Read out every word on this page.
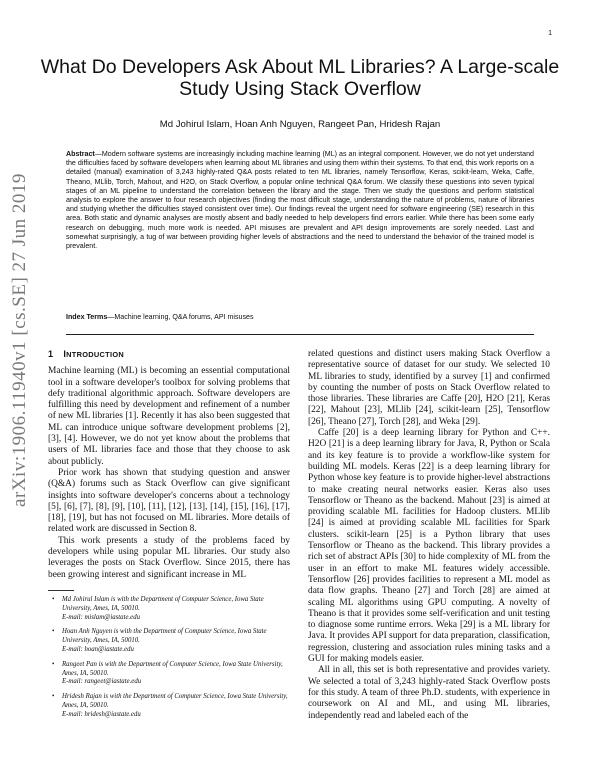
1
arXiv:1906.11940v1 [cs.SE] 27 Jun 2019
What Do Developers Ask About ML Libraries? A Large-scale Study Using Stack Overflow
Md Johirul Islam, Hoan Anh Nguyen, Rangeet Pan, Hridesh Rajan
Abstract—Modern software systems are increasingly including machine learning (ML) as an integral component. However, we do not yet understand the difficulties faced by software developers when learning about ML libraries and using them within their systems. To that end, this work reports on a detailed (manual) examination of 3,243 highly-rated Q&A posts related to ten ML libraries, namely Tensorflow, Keras, scikit-learn, Weka, Caffe, Theano, MLlib, Torch, Mahout, and H2O, on Stack Overflow, a popular online technical Q&A forum. We classify these questions into seven typical stages of an ML pipeline to understand the correlation between the library and the stage. Then we study the questions and perform statistical analysis to explore the answer to four research objectives (finding the most difficult stage, understanding the nature of problems, nature of libraries and studying whether the difficulties stayed consistent over time). Our findings reveal the urgent need for software engineering (SE) research in this area. Both static and dynamic analyses are mostly absent and badly needed to help developers find errors earlier. While there has been some early research on debugging, much more work is needed. API misuses are prevalent and API design improvements are sorely needed. Last and somewhat surprisingly, a tug of war between providing higher levels of abstractions and the need to understand the behavior of the trained model is prevalent.
Index Terms—Machine learning, Q&A forums, API misuses
1 INTRODUCTION

Machine learning (ML) is becoming an essential computational tool in a software developer's toolbox for solving problems that defy traditional algorithmic approach. Software developers are fulfilling this need by development and refinement of a number of new ML libraries [1]. Recently it has also been suggested that ML can introduce unique software development problems [2], [3], [4]. However, we do not yet know about the problems that users of ML libraries face and those that they choose to ask about publicly.

Prior work has shown that studying question and answer (Q&A) forums such as Stack Overflow can give significant insights into software developer's concerns about a technology [5], [6], [7], [8], [9], [10], [11], [12], [13], [14], [15], [16], [17], [18], [19], but has not focused on ML libraries. More details of related work are discussed in Section 8.

This work presents a study of the problems faced by developers while using popular ML libraries. Our study also leverages the posts on Stack Overflow. Since 2015, there has been growing interest and significant increase in ML

related questions and distinct users making Stack Overflow a representative source of dataset for our study. We selected 10 ML libraries to study, identified by a survey [1] and confirmed by counting the number of posts on Stack Overflow related to those libraries. These libraries are Caffe [20], H2O [21], Keras [22], Mahout [23], MLlib [24], scikit-learn [25], Tensorflow [26], Theano [27], Torch [28], and Weka [29].

Caffe [20] is a deep learning library for Python and C++. H2O [21] is a deep learning library for Java, R, Python or Scala and its key feature is to provide a workflow-like system for building ML models. Keras [22] is a deep learning library for Python whose key feature is to provide higher-level abstractions to make creating neural networks easier. Keras also uses Tensorflow or Theano as the backend. Mahout [23] is aimed at providing scalable ML facilities for Hadoop clusters. MLlib [24] is aimed at providing scalable ML facilities for Spark clusters. scikit-learn [25] is a Python library that uses Tensorflow or Theano as the backend. This library provides a rich set of abstract APIs [30] to hide complexity of ML from the user in an effort to make ML features widely accessible. Tensorflow [26] provides facilities to represent a ML model as data flow graphs. Theano [27] and Torch [28] are aimed at scaling ML algorithms using GPU computing. A novelty of Theano is that it provides some self-verification and unit testing to diagnose some runtime errors. Weka [29] is a ML library for Java. It provides API support for data preparation, classification, regression, clustering and association rules mining tasks and a GUI for making models easier.

All in all, this set is both representative and provides variety. We selected a total of 3,243 highly-rated Stack Overflow posts for this study. A team of three Ph.D. students, with experience in coursework on AI and ML, and using ML libraries, independently read and labeled each of the

• Md Johirul Islam is with the Department of Computer Science, Iowa State University, Ames, IA, 50010.
E-mail: mislam@iastate.edu
• Hoan Anh Nguyen is with the Department of Computer Science, Iowa State University, Ames, IA, 50010.
E-mail: hoan@iastate.edu
• Rangeet Pan is with the Department of Computer Science, Iowa State University, Ames, IA, 50010.
E-mail: rangeet@iastate.edu
• Hridesh Rajan is with the Department of Computer Science, Iowa State University, Ames, IA, 50010.
E-mail: hridesh@iastate.edu
